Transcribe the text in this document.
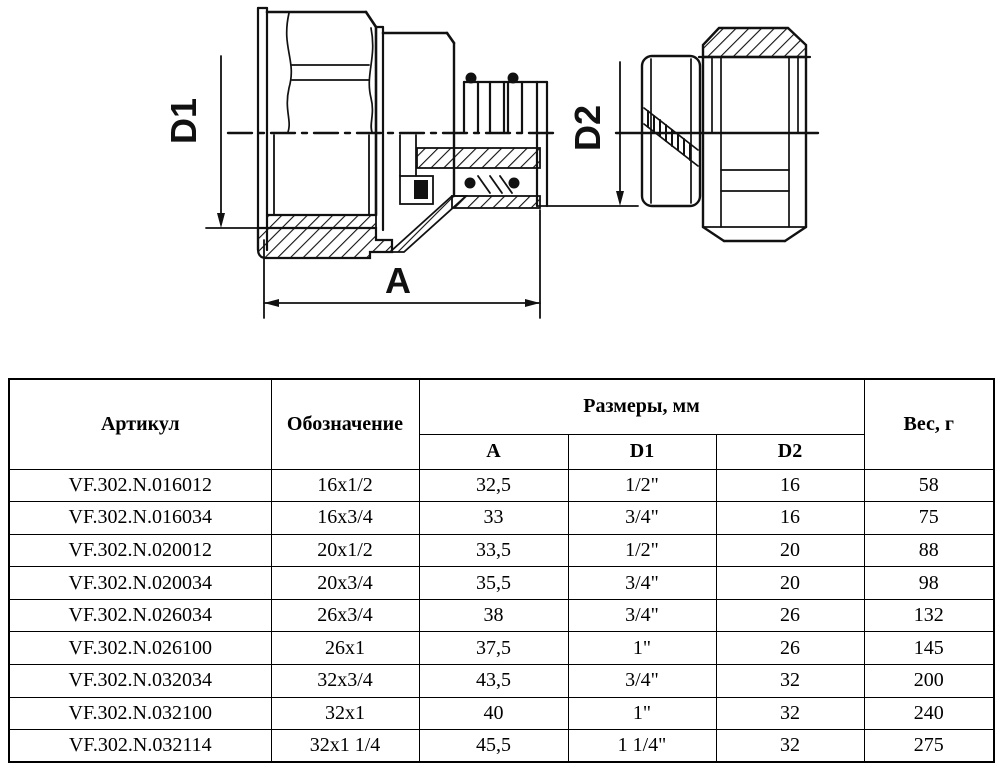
D1	D2
A
Артикул	Обозначение	Размеры, мм			Вес, г
		A	D1	D2	
VF.302.N.016012	16x1/2	32,5	1/2"	16	58
VF.302.N.016034	16x3/4	33	3/4"	16	75
VF.302.N.020012	20x1/2	33,5	1/2"	20	88
VF.302.N.020034	20x3/4	35,5	3/4"	20	98
VF.302.N.026034	26x3/4	38	3/4"	26	132
VF.302.N.026100	26x1	37,5	1"	26	145
VF.302.N.032034	32x3/4	43,5	3/4"	32	200
VF.302.N.032100	32x1	40	1"	32	240
VF.302.N.032114	32x1 1/4	45,5	1 1/4"	32	275
